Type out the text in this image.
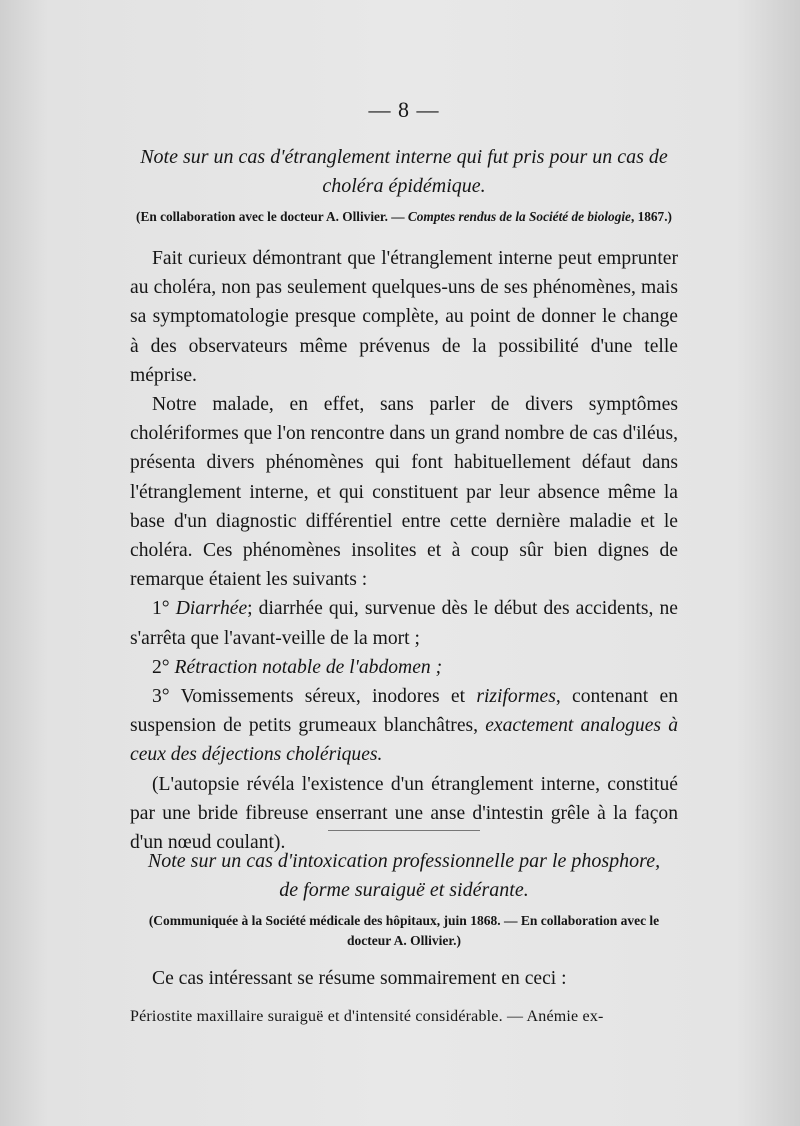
— 8 —
Note sur un cas d'étranglement interne qui fut pris pour un cas de
choléra épidémique.
(En collaboration avec le docteur A. Ollivier. — Comptes rendus de la Société de biologie, 1867.)

Fait curieux démontrant que l'étranglement interne peut emprunter au choléra, non pas seulement quelques-uns de ses phénomènes, mais sa symptomatologie presque complète, au point de donner le change à des observateurs même prévenus de la possibilité d'une telle méprise.

Notre malade, en effet, sans parler de divers symptômes cholériformes que l'on rencontre dans un grand nombre de cas d'iléus, présenta divers phénomènes qui font habituellement défaut dans l'étranglement interne, et qui constituent par leur absence même la base d'un diagnostic différentiel entre cette dernière maladie et le choléra. Ces phénomènes insolites et à coup sûr bien dignes de remarque étaient les suivants :

1° Diarrhée; diarrhée qui, survenue dès le début des accidents, ne s'arrêta que l'avant-veille de la mort ;

2° Rétraction notable de l'abdomen ;

3° Vomissements séreux, inodores et riziformes, contenant en suspension de petits grumeaux blanchâtres, exactement analogues à ceux des déjections cholériques.

(L'autopsie révéla l'existence d'un étranglement interne, constitué par une bride fibreuse enserrant une anse d'intestin grêle à la façon d'un nœud coulant).

Note sur un cas d'intoxication professionnelle par le phosphore,
de forme suraiguë et sidérante.
(Communiquée à la Société médicale des hôpitaux, juin 1868. — En collaboration avec le
docteur A. Ollivier.)

Ce cas intéressant se résume sommairement en ceci :

Périostite maxillaire suraiguë et d'intensité considérable. — Anémie ex-
